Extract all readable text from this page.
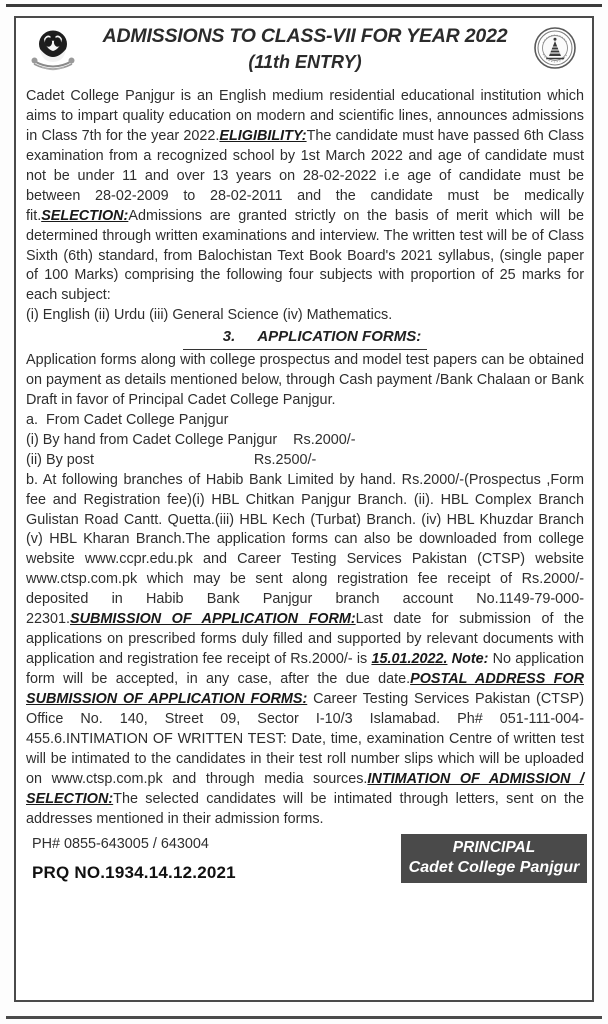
ADMISSIONS TO CLASS-VII FOR YEAR 2022
(11th ENTRY)

Cadet College Panjgur is an English medium residential educational institution which aims to impart quality education on modern and scientific lines, announces admissions in Class 7th for the year 2022.ELIGIBILITY:The candidate must have passed 6th Class examination from a recognized school by 1st March 2022 and age of candidate must not be under 11 and over 13 years on 28-02-2022 i.e age of candidate must be between 28-02-2009 to 28-02-2011 and the candidate must be medically fit.SELECTION:Admissions are granted strictly on the basis of merit which will be determined through written examinations and interview. The written test will be of Class Sixth (6th) standard, from Balochistan Text Book Board's 2021 syllabus, (single paper of 100 Marks) comprising the following four subjects with proportion of 25 marks for each subject:

(i) English (ii) Urdu (iii) General Science (iv) Mathematics.

3. APPLICATION FORMS:

Application forms along with college prospectus and model test papers can be obtained on payment as details mentioned below, through Cash payment /Bank Chalaan or Bank Draft in favor of Principal Cadet College Panjgur.

a.  From Cadet College Panjgur
(i) By hand from Cadet College Panjgur    Rs.2000/-
(ii) By post                                        Rs.2500/-

b. At following branches of Habib Bank Limited by hand. Rs.2000/-(Prospectus ,Form fee and Registration fee)(i) HBL Chitkan Panjgur Branch. (ii). HBL Complex Branch Gulistan Road Cantt. Quetta.(iii) HBL Kech (Turbat) Branch. (iv) HBL Khuzdar Branch (v) HBL Kharan Branch.The application forms can also be downloaded from college website www.ccpr.edu.pk and Career Testing Services Pakistan (CTSP) website www.ctsp.com.pk which may be sent along registration fee receipt of Rs.2000/- deposited in Habib Bank Panjgur branch account No.1149-79-000-22301.SUBMISSION OF APPLICATION FORM:Last date for submission of the applications on prescribed forms duly filled and supported by relevant documents with application and registration fee receipt of Rs.2000/- is 15.01.2022. Note: No application form will be accepted, in any case, after the due date.POSTAL ADDRESS FOR SUBMISSION OF APPLICATION FORMS: Career Testing Services Pakistan (CTSP) Office No. 140, Street 09, Sector I-10/3 Islamabad. Ph# 051-111-004-455.6.INTIMATION OF WRITTEN TEST: Date, time, examination Centre of written test will be intimated to the candidates in their test roll number slips which will be uploaded on www.ctsp.com.pk and through media sources.INTIMATION OF ADMISSION / SELECTION:The selected candidates will be intimated through letters, sent on the addresses mentioned in their admission forms.

PH# 0855-643005 / 643004
PRQ NO.1934.14.12.2021
PRINCIPAL
Cadet College Panjgur
